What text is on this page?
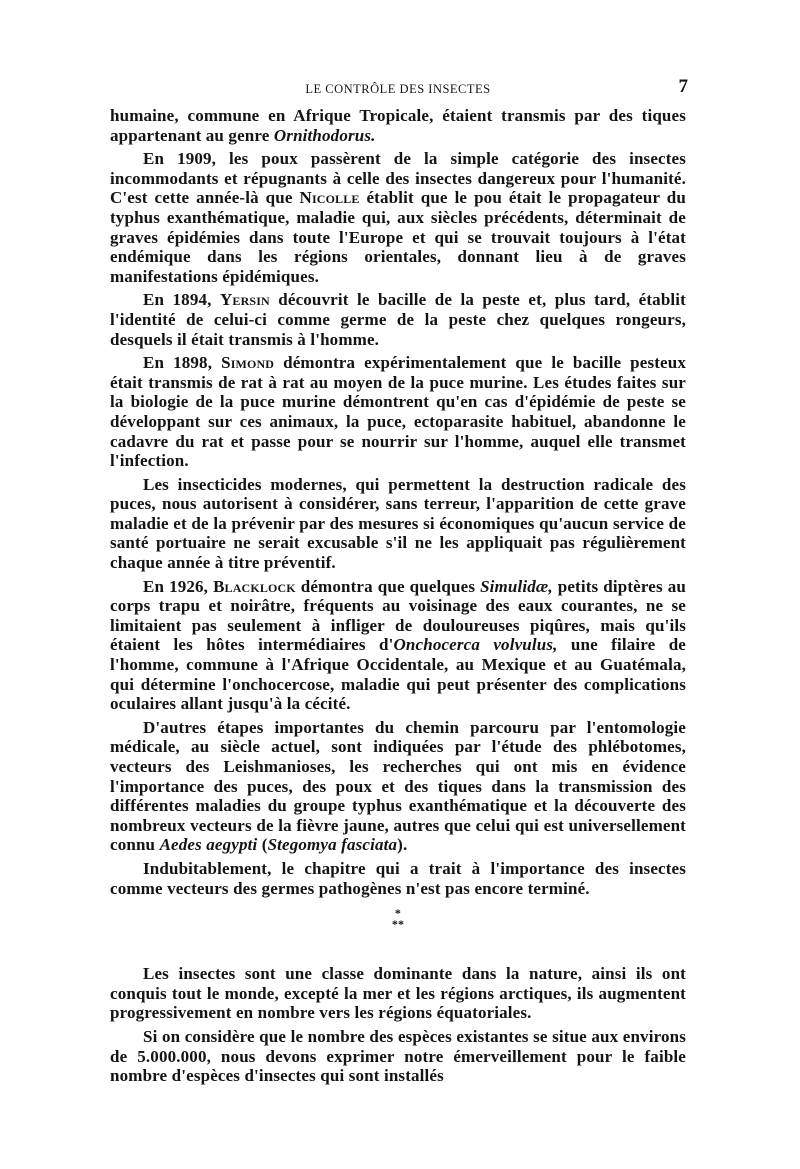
LE CONTRÔLE DES INSECTES	7

humaine, commune en Afrique Tropicale, étaient transmis par des tiques appartenant au genre Ornithodorus.

En 1909, les poux passèrent de la simple catégorie des insectes incommodants et répugnants à celle des insectes dangereux pour l'humanité. C'est cette année-là que Nicolle établit que le pou était le propagateur du typhus exanthématique, maladie qui, aux siècles précédents, déterminait de graves épidémies dans toute l'Europe et qui se trouvait toujours à l'état endémique dans les régions orientales, donnant lieu à de graves manifestations épidémiques.

En 1894, Yersin découvrit le bacille de la peste et, plus tard, établit l'identité de celui-ci comme germe de la peste chez quelques rongeurs, desquels il était transmis à l'homme.

En 1898, Simond démontra expérimentalement que le bacille pesteux était transmis de rat à rat au moyen de la puce murine. Les études faites sur la biologie de la puce murine démontrent qu'en cas d'épidémie de peste se développant sur ces animaux, la puce, ectoparasite habituel, abandonne le cadavre du rat et passe pour se nourrir sur l'homme, auquel elle transmet l'infection.

Les insecticides modernes, qui permettent la destruction radicale des puces, nous autorisent à considérer, sans terreur, l'apparition de cette grave maladie et de la prévenir par des mesures si économiques qu'aucun service de santé portuaire ne serait excusable s'il ne les appliquait pas régulièrement chaque année à titre préventif.

En 1926, Blacklock démontra que quelques Simulidæ, petits diptères au corps trapu et noirâtre, fréquents au voisinage des eaux courantes, ne se limitaient pas seulement à infliger de douloureuses piqûres, mais qu'ils étaient les hôtes intermédiaires d'Onchocerca volvulus, une filaire de l'homme, commune à l'Afrique Occidentale, au Mexique et au Guatémala, qui détermine l'onchocercose, maladie qui peut présenter des complications oculaires allant jusqu'à la cécité.

D'autres étapes importantes du chemin parcouru par l'entomologie médicale, au siècle actuel, sont indiquées par l'étude des phlébotomes, vecteurs des Leishmanioses, les recherches qui ont mis en évidence l'importance des puces, des poux et des tiques dans la transmission des différentes maladies du groupe typhus exanthématique et la découverte des nombreux vecteurs de la fièvre jaune, autres que celui qui est universellement connu Aedes aegypti (Stegomya fasciata).

Indubitablement, le chapitre qui a trait à l'importance des insectes comme vecteurs des germes pathogènes n'est pas encore terminé.

*
**

Les insectes sont une classe dominante dans la nature, ainsi ils ont conquis tout le monde, excepté la mer et les régions arctiques, ils augmentent progressivement en nombre vers les régions équatoriales.

Si on considère que le nombre des espèces existantes se situe aux environs de 5.000.000, nous devons exprimer notre émerveillement pour le faible nombre d'espèces d'insectes qui sont installés
